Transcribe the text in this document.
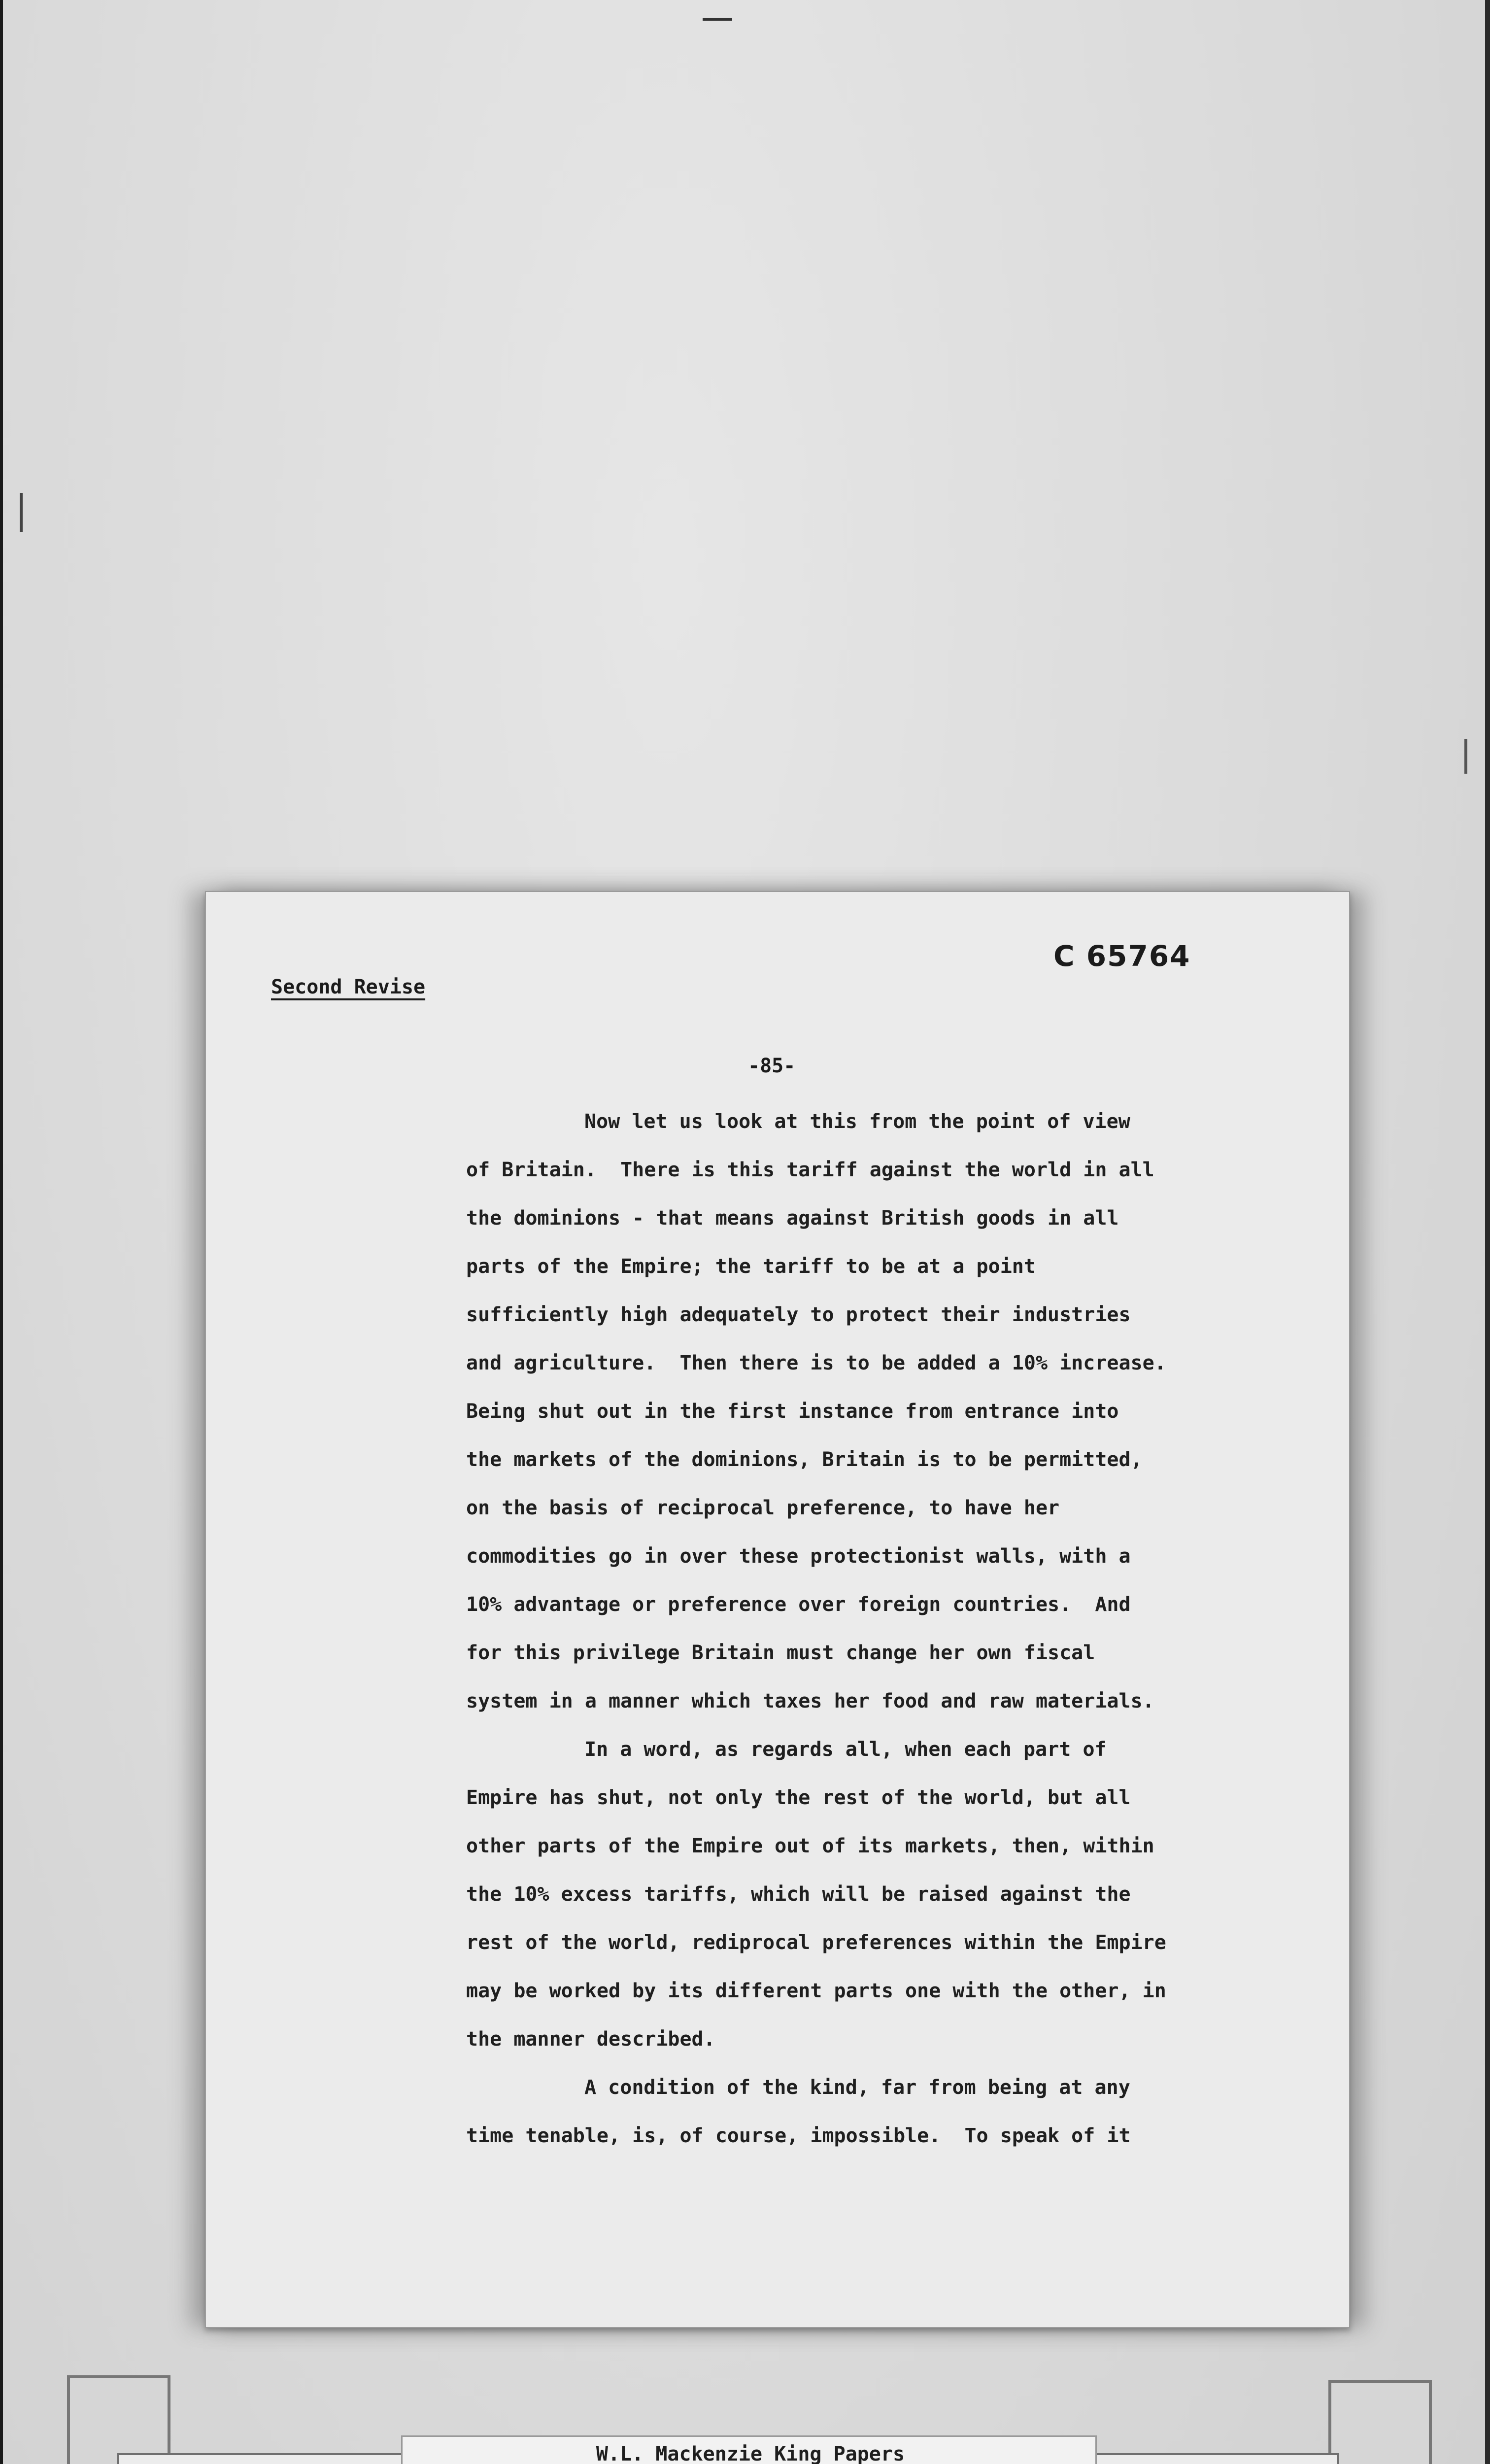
Second Revise
C 65764
-85-
Now let us look at this from the point of view
of Britain.  There is this tariff against the world in all
the dominions - that means against British goods in all
parts of the Empire; the tariff to be at a point
sufficiently high adequately to protect their industries
and agriculture.  Then there is to be added a 10% increase.
Being shut out in the first instance from entrance into
the markets of the dominions, Britain is to be permitted,
on the basis of reciprocal preference, to have her
commodities go in over these protectionist walls, with a
10% advantage or preference over foreign countries.  And
for this privilege Britain must change her own fiscal
system in a manner which taxes her food and raw materials.
In a word, as regards all, when each part of
Empire has shut, not only the rest of the world, but all
other parts of the Empire out of its markets, then, within
the 10% excess tariffs, which will be raised against the
rest of the world, rediprocal preferences within the Empire
may be worked by its different parts one with the other, in
the manner described.
A condition of the kind, far from being at any
time tenable, is, of course, impossible.  To speak of it
W.L. Mackenzie King Papers
